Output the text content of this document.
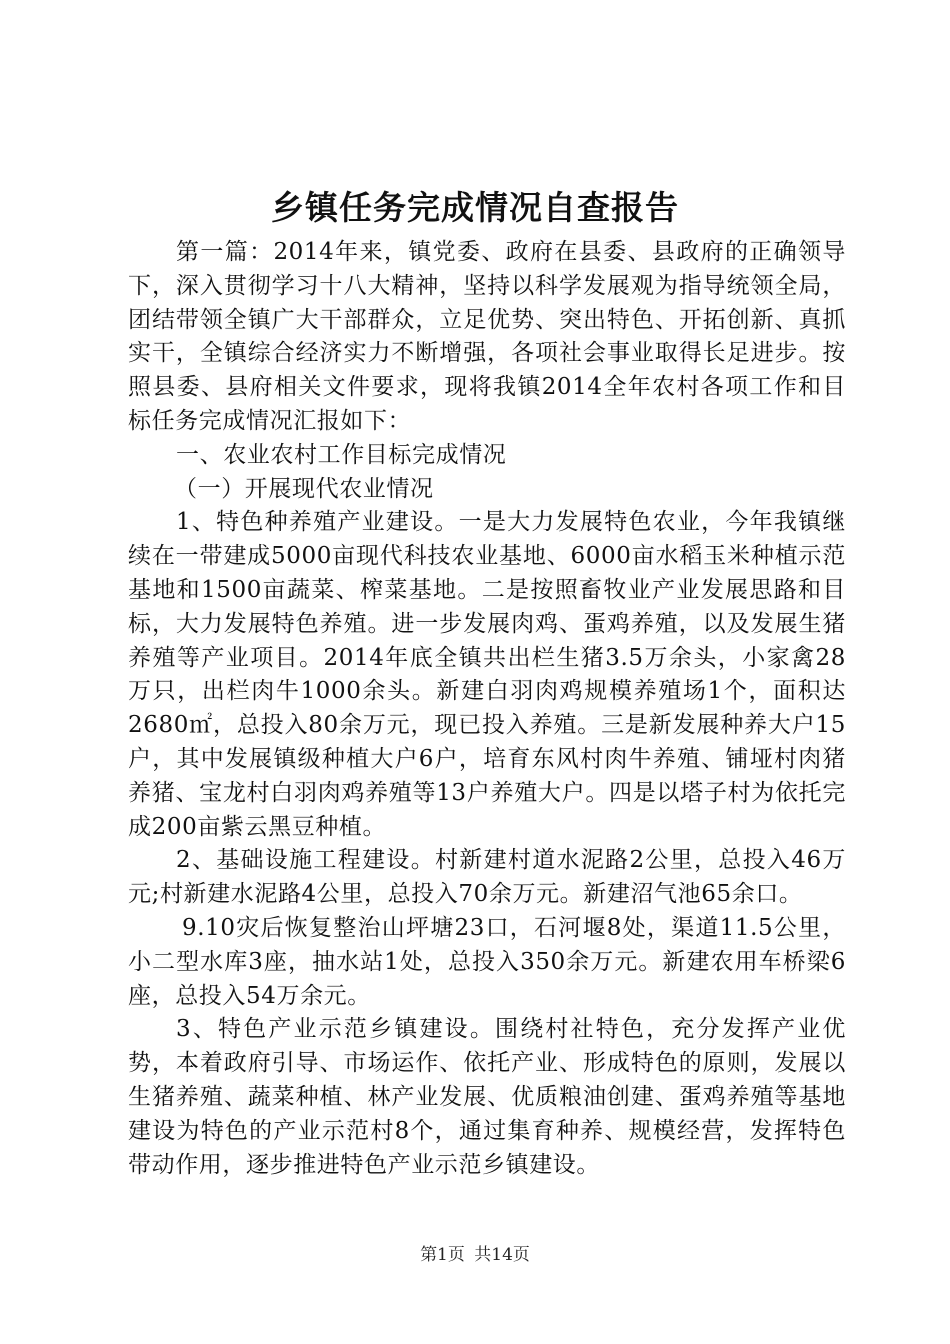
乡镇任务完成情况自查报告

第一篇：2014年来，镇党委、政府在县委、县政府的正确领导下，深入贯彻学习十八大精神，坚持以科学发展观为指导统领全局，团结带领全镇广大干部群众，立足优势、突出特色、开拓创新、真抓实干，全镇综合经济实力不断增强，各项社会事业取得长足进步。按照县委、县府相关文件要求，现将我镇2014全年农村各项工作和目标任务完成情况汇报如下：

一、农业农村工作目标完成情况

（一）开展现代农业情况

1、特色种养殖产业建设。一是大力发展特色农业，今年我镇继续在一带建成5000亩现代科技农业基地、6000亩水稻玉米种植示范基地和1500亩蔬菜、榨菜基地。二是按照畜牧业产业发展思路和目标，大力发展特色养殖。进一步发展肉鸡、蛋鸡养殖，以及发展生猪养殖等产业项目。2014年底全镇共出栏生猪3.5万余头，小家禽28万只，出栏肉牛1000余头。新建白羽肉鸡规模养殖场1个，面积达2680㎡，总投入80余万元，现已投入养殖。三是新发展种养大户15户，其中发展镇级种植大户6户，培育东风村肉牛养殖、铺垭村肉猪养猪、宝龙村白羽肉鸡养殖等13户养殖大户。四是以塔子村为依托完成200亩紫云黑豆种植。

2、基础设施工程建设。村新建村道水泥路2公里，总投入46万元;村新建水泥路4公里，总投入70余万元。新建沼气池65余口。

9.10灾后恢复整治山坪塘23口，石河堰8处，渠道11.5公里，小二型水库3座，抽水站1处，总投入350余万元。新建农用车桥梁6座，总投入54万余元。

3、特色产业示范乡镇建设。围绕村社特色，充分发挥产业优势，本着政府引导、市场运作、依托产业、形成特色的原则，发展以生猪养殖、蔬菜种植、林产业发展、优质粮油创建、蛋鸡养殖等基地建设为特色的产业示范村8个，通过集育种养、规模经营，发挥特色带动作用，逐步推进特色产业示范乡镇建设。

第1页 共14页
